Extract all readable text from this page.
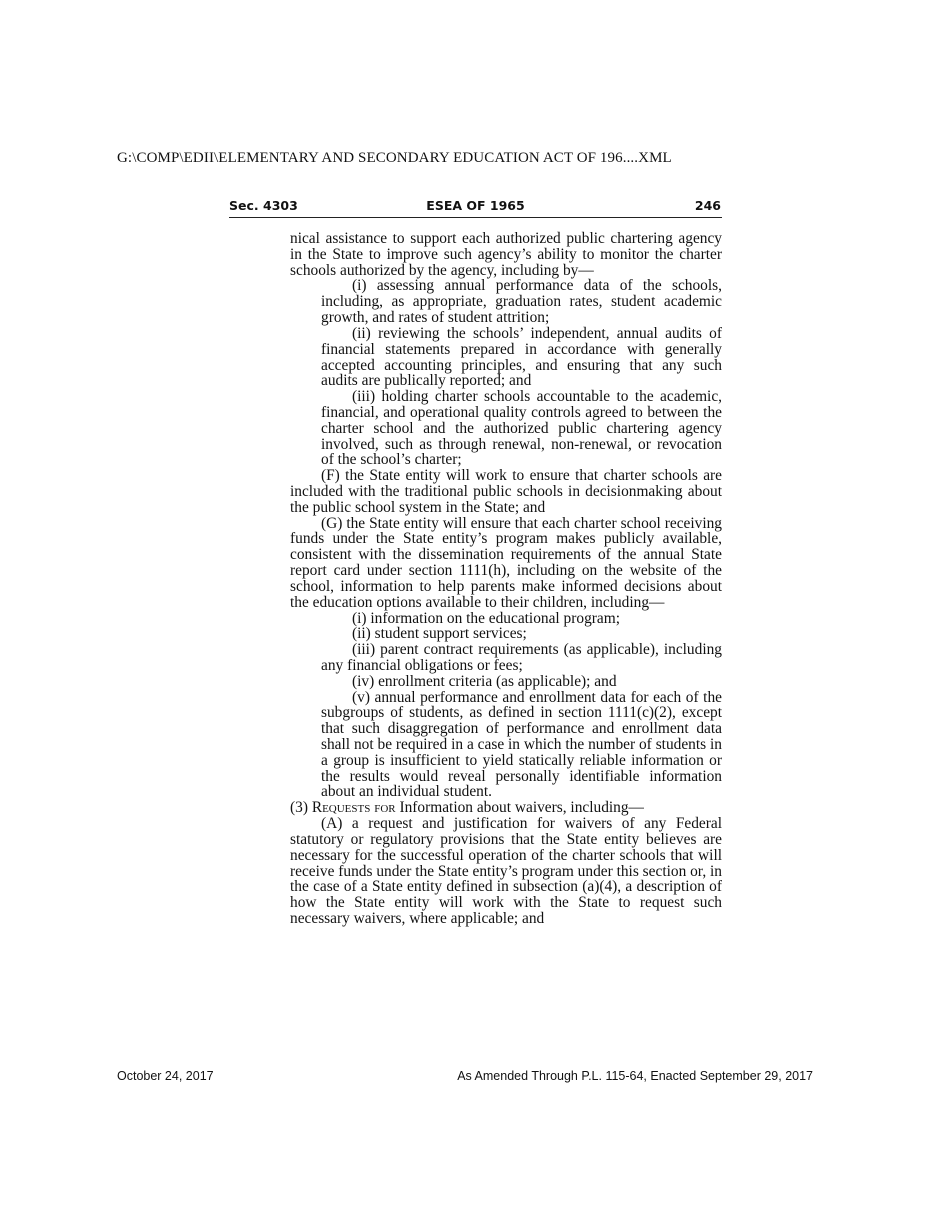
G:\COMP\EDII\ELEMENTARY AND SECONDARY EDUCATION ACT OF 196....XML
Sec. 4303	ESEA OF 1965	246

nical assistance to support each authorized public chartering agency in the State to improve such agency’s ability to monitor the charter schools authorized by the agency, including by—

(i) assessing annual performance data of the schools, including, as appropriate, graduation rates, student academic growth, and rates of student attrition;

(ii) reviewing the schools’ independent, annual audits of financial statements prepared in accordance with generally accepted accounting principles, and ensuring that any such audits are publically reported; and

(iii) holding charter schools accountable to the academic, financial, and operational quality controls agreed to between the charter school and the authorized public chartering agency involved, such as through renewal, non-renewal, or revocation of the school’s charter;

(F) the State entity will work to ensure that charter schools are included with the traditional public schools in decisionmaking about the public school system in the State; and

(G) the State entity will ensure that each charter school receiving funds under the State entity’s program makes publicly available, consistent with the dissemination requirements of the annual State report card under section 1111(h), including on the website of the school, information to help parents make informed decisions about the education options available to their children, including—

(i) information on the educational program;

(ii) student support services;

(iii) parent contract requirements (as applicable), including any financial obligations or fees;

(iv) enrollment criteria (as applicable); and

(v) annual performance and enrollment data for each of the subgroups of students, as defined in section 1111(c)(2), except that such disaggregation of performance and enrollment data shall not be required in a case in which the number of students in a group is insufficient to yield statically reliable information or the results would reveal personally identifiable information about an individual student.

(3) Requests for Information about waivers, including—

(A) a request and justification for waivers of any Federal statutory or regulatory provisions that the State entity believes are necessary for the successful operation of the charter schools that will receive funds under the State entity’s program under this section or, in the case of a State entity defined in subsection (a)(4), a description of how the State entity will work with the State to request such necessary waivers, where applicable; and

October 24, 2017	As Amended Through P.L. 115-64, Enacted September 29, 2017
